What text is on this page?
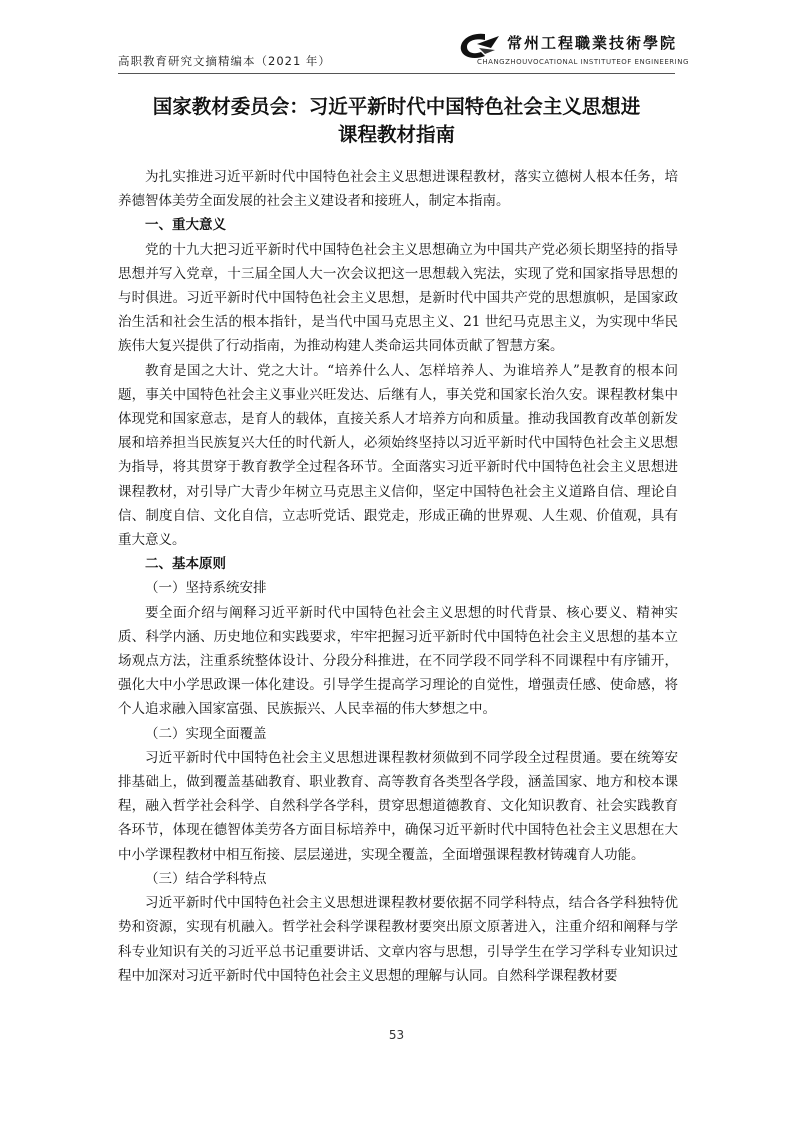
高职教育研究文摘精编本（2021 年）
常州工程職業技術學院
CHANGZHOUVOCATIONAL INSTITUTEOF ENGINEERING
国家教材委员会：习近平新时代中国特色社会主义思想进
课程教材指南

为扎实推进习近平新时代中国特色社会主义思想进课程教材，落实立德树人根本任务，培养德智体美劳全面发展的社会主义建设者和接班人，制定本指南。

一、重大意义

党的十九大把习近平新时代中国特色社会主义思想确立为中国共产党必须长期坚持的指导思想并写入党章，十三届全国人大一次会议把这一思想载入宪法，实现了党和国家指导思想的与时俱进。习近平新时代中国特色社会主义思想，是新时代中国共产党的思想旗帜，是国家政治生活和社会生活的根本指针，是当代中国马克思主义、21 世纪马克思主义，为实现中华民族伟大复兴提供了行动指南，为推动构建人类命运共同体贡献了智慧方案。

教育是国之大计、党之大计。“培养什么人、怎样培养人、为谁培养人”是教育的根本问题，事关中国特色社会主义事业兴旺发达、后继有人，事关党和国家长治久安。课程教材集中体现党和国家意志，是育人的载体，直接关系人才培养方向和质量。推动我国教育改革创新发展和培养担当民族复兴大任的时代新人，必须始终坚持以习近平新时代中国特色社会主义思想为指导，将其贯穿于教育教学全过程各环节。全面落实习近平新时代中国特色社会主义思想进课程教材，对引导广大青少年树立马克思主义信仰，坚定中国特色社会主义道路自信、理论自信、制度自信、文化自信，立志听党话、跟党走，形成正确的世界观、人生观、价值观，具有重大意义。

二、基本原则
（一）坚持系统安排

要全面介绍与阐释习近平新时代中国特色社会主义思想的时代背景、核心要义、精神实质、科学内涵、历史地位和实践要求，牢牢把握习近平新时代中国特色社会主义思想的基本立场观点方法，注重系统整体设计、分段分科推进，在不同学段不同学科不同课程中有序铺开，强化大中小学思政课一体化建设。引导学生提高学习理论的自觉性，增强责任感、使命感，将个人追求融入国家富强、民族振兴、人民幸福的伟大梦想之中。

（二）实现全面覆盖

习近平新时代中国特色社会主义思想进课程教材须做到不同学段全过程贯通。要在统筹安排基础上，做到覆盖基础教育、职业教育、高等教育各类型各学段，涵盖国家、地方和校本课程，融入哲学社会科学、自然科学各学科，贯穿思想道德教育、文化知识教育、社会实践教育各环节，体现在德智体美劳各方面目标培养中，确保习近平新时代中国特色社会主义思想在大中小学课程教材中相互衔接、层层递进，实现全覆盖，全面增强课程教材铸魂育人功能。

（三）结合学科特点

习近平新时代中国特色社会主义思想进课程教材要依据不同学科特点，结合各学科独特优势和资源，实现有机融入。哲学社会科学课程教材要突出原文原著进入，注重介绍和阐释与学科专业知识有关的习近平总书记重要讲话、文章内容与思想，引导学生在学习学科专业知识过程中加深对习近平新时代中国特色社会主义思想的理解与认同。自然科学课程教材要

53
